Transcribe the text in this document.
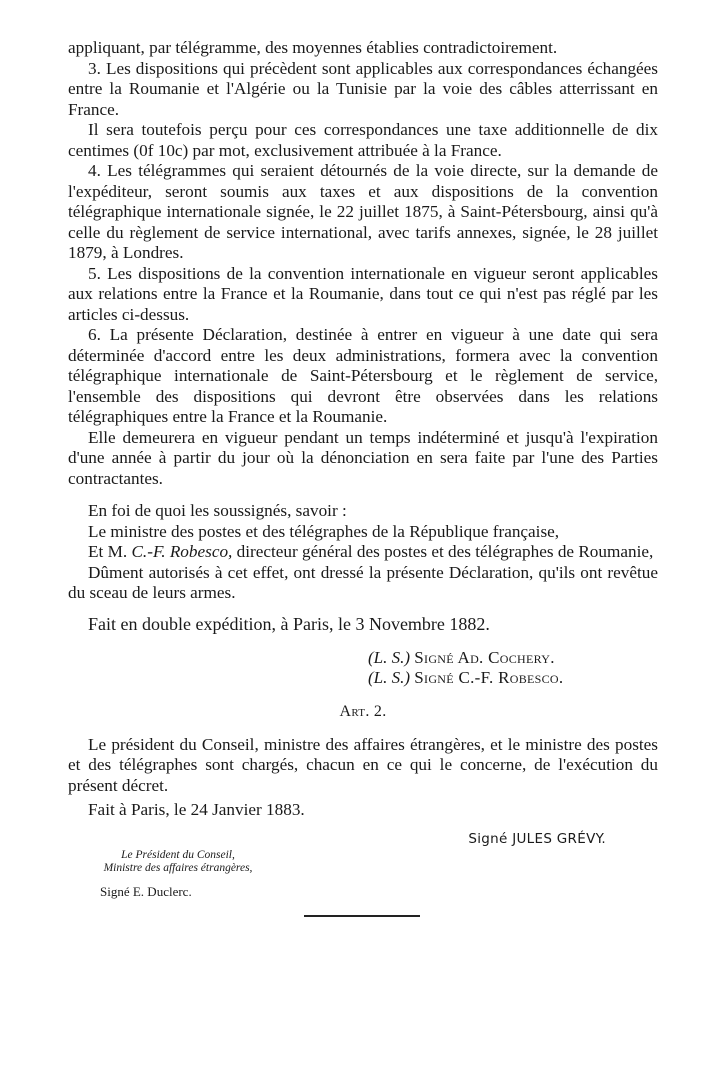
appliquant, par télégramme, des moyennes établies contradictoirement.

3. Les dispositions qui précèdent sont applicables aux correspondances échangées entre la Roumanie et l'Algérie ou la Tunisie par la voie des câbles atterrissant en France.

Il sera toutefois perçu pour ces correspondances une taxe additionnelle de dix centimes (0f 10c) par mot, exclusivement attribuée à la France.

4. Les télégrammes qui seraient détournés de la voie directe, sur la demande de l'expéditeur, seront soumis aux taxes et aux dispositions de la convention télégraphique internationale signée, le 22 juillet 1875, à Saint-Pétersbourg, ainsi qu'à celle du règlement de service international, avec tarifs annexes, signée, le 28 juillet 1879, à Londres.

5. Les dispositions de la convention internationale en vigueur seront applicables aux relations entre la France et la Roumanie, dans tout ce qui n'est pas réglé par les articles ci-dessus.

6. La présente Déclaration, destinée à entrer en vigueur à une date qui sera déterminée d'accord entre les deux administrations, formera avec la convention télégraphique internationale de Saint-Pétersbourg et le règlement de service, l'ensemble des dispositions qui devront être observées dans les relations télégraphiques entre la France et la Roumanie.

Elle demeurera en vigueur pendant un temps indéterminé et jusqu'à l'expiration d'une année à partir du jour où la dénonciation en sera faite par l'une des Parties contractantes.

En foi de quoi les soussignés, savoir :

Le ministre des postes et des télégraphes de la République française,

Et M. C.-F. Robesco, directeur général des postes et des télégraphes de Roumanie,

Dûment autorisés à cet effet, ont dressé la présente Déclaration, qu'ils ont revêtue du sceau de leurs armes.

Fait en double expédition, à Paris, le 3 Novembre 1882.

(L. S.) Signé Ad. Cochery.
(L. S.) Signé C.-F. Robesco.
Art. 2.

Le président du Conseil, ministre des affaires étrangères, et le ministre des postes et des télégraphes sont chargés, chacun en ce qui le concerne, de l'exécution du présent décret.

Fait à Paris, le 24 Janvier 1883.

Signé JULES GRÉVY.
Le Président du Conseil,
Ministre des affaires étrangères,
Signé E. Duclerc.
